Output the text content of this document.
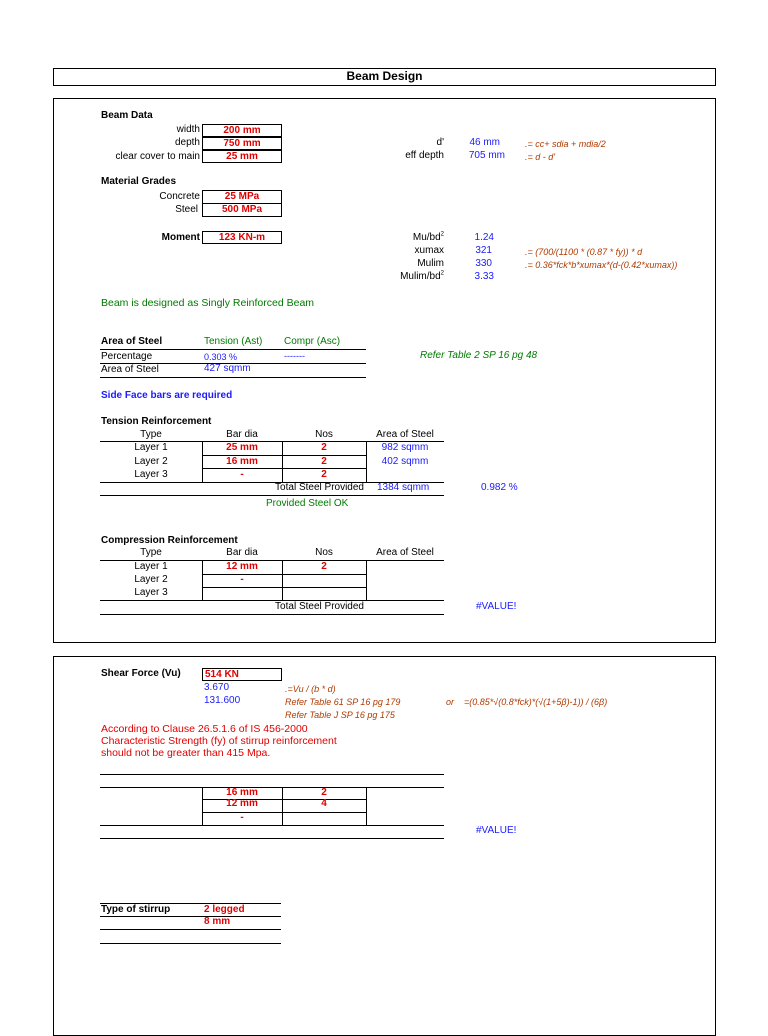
Beam Design
Beam Data
width	200 mm
depth	750 mm
clear cover to main	25 mm
d'	46 mm	.= cc+ sdia + mdia/2
eff depth	705 mm .= d - d'
Material Grades
Concrete	25 MPa
Steel	500 MPa
Moment	123 KN-m	$Mu/bd^2$	1.24
xumax	321	.= (700/(1100 * (0.87 * fy)) * d
Mulim	330	.= 0.36*fck*b*xumax*(d-(0.42*xumax))
Mulim/$bd^2$	3.33
Beam is designed as Singly Reinforced Beam
Area of Steel	Tension (Ast) Compr (Asc)
Percentage	0.303 %	-------
Area of Steel	427 sqmm
Refer Table 2 SP 16 pg 48
Side Face bars are required
Tension Reinforcement
Type	Bar dia	Nos	Area of Steel
Layer 1	25 mm	2	982 sqmm
Layer 2	16 mm	2	402 sqmm
Layer 3	-	2
Total Steel Provided 1384 sqmm	0.982 %
Provided Steel OK
Compression Reinforcement
Type	Bar dia	Nos	Area of Steel
Layer 1	12 mm	2
Layer 2	-
Layer 3
Total Steel Provided	#VALUE!
Shear Force (Vu)	514 KN
3.670	.=Vu / (b * d)
131.600	Refer Table 61 SP 16 pg 179	or =(0.85*√(0.8*fck)*(√(1+5β)-1)) / (6β)
Refer Table J SP 16 pg 175
According to Clause 26.5.1.6 of IS 456-2000
Characteristic Strength (fy) of stirrup reinforcement
should not be greater than 415 Mpa.
16 mm	2
12 mm	4
-
#VALUE!
Type of stirrup	2 legged
8 mm
